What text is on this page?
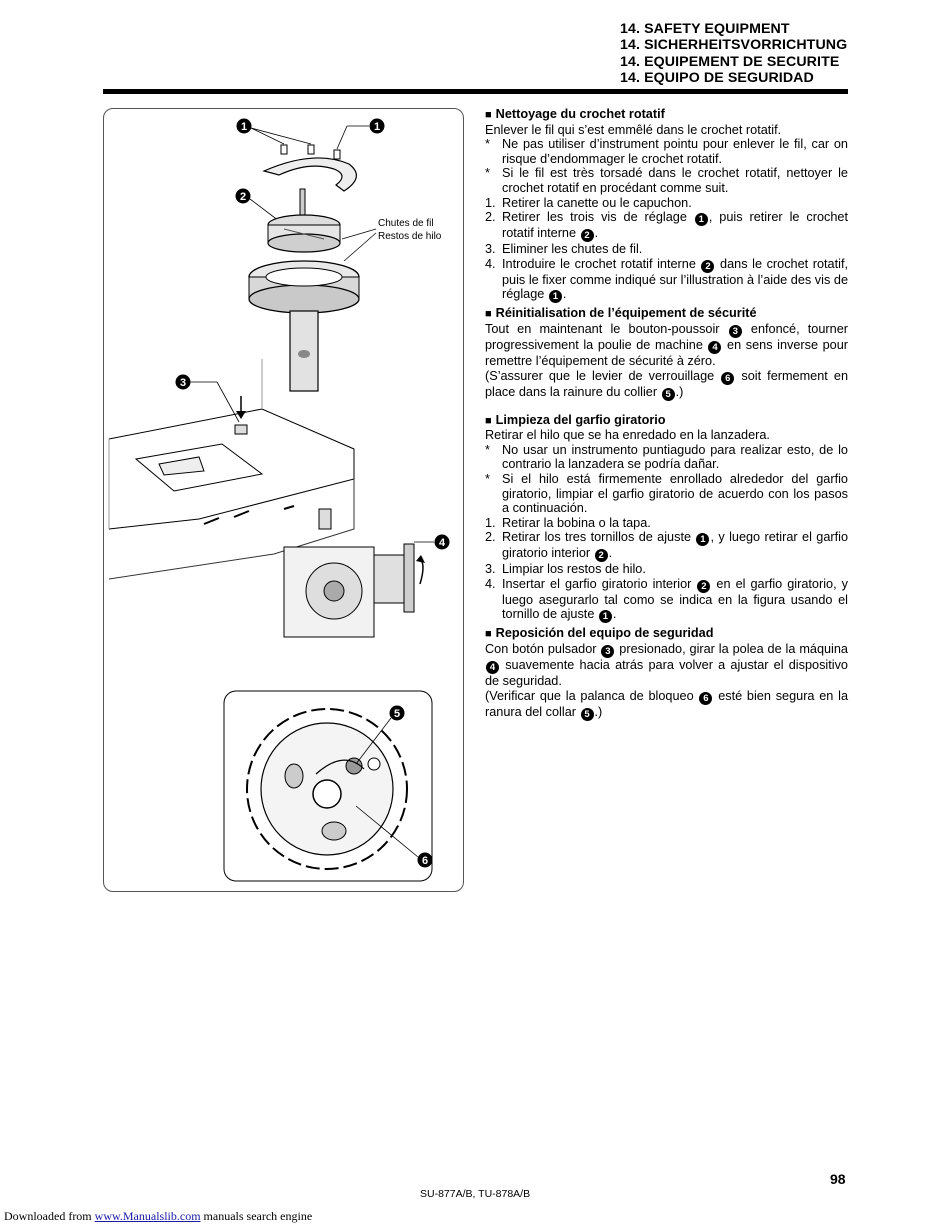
14. SAFETY EQUIPMENT
14. SICHERHEITSVORRICHTUNG
14. EQUIPEMENT DE SECURITE
14. EQUIPO DE SEGURIDAD
1	1
2
Chutes de fil
Restos de hilo
3
4
5
6
■ Nettoyage du crochet rotatif
Enlever le fil qui s’est emmêlé dans le crochet rotatif.
* Ne pas utiliser d’instrument pointu pour enlever le fil, car on risque d’endommager le crochet rotatif.
* Si le fil est très torsadé dans le crochet rotatif, nettoyer le crochet rotatif en procédant comme suit.
1. Retirer la canette ou le capuchon.
2. Retirer les trois vis de réglage 1 , puis retirer le crochet rotatif interne 2 .
3. Eliminer les chutes de fil.
4. Introduire le crochet rotatif interne 2 dans le crochet rotatif, puis le fixer comme indiqué sur l’illustration à l’aide des vis de réglage 1 .
■ Réinitialisation de l’équipement de sécurité
Tout en maintenant le bouton-poussoir 3 enfoncé, tourner progressivement la poulie de machine 4 en sens inverse pour remettre l’équipement de sécurité à zéro.
(S’assurer que le levier de verrouillage 6 soit fermement en place dans la rainure du collier 5 .)
■ Limpieza del garfio giratorio
Retirar el hilo que se ha enredado en la lanzadera.
* No usar un instrumento puntiagudo para realizar esto, de lo contrario la lanzadera se podría dañar.
* Si el hilo está firmemente enrollado alrededor del garfio giratorio, limpiar el garfio giratorio de acuerdo con los pasos a continuación.
1. Retirar la bobina o la tapa.
2. Retirar los tres tornillos de ajuste 1 , y luego retirar el garfio giratorio interior 2 .
3. Limpiar los restos de hilo.
4. Insertar el garfio giratorio interior 2 en el garfio giratorio, y luego asegurarlo tal como se indica en la figura usando el tornillo de ajuste 1 .
■ Reposición del equipo de seguridad
Con botón pulsador 3 presionado, girar la polea de la máquina 4 suavemente hacia atrás para volver a ajustar el dispositivo de seguridad.
(Verificar que la palanca de bloqueo 6 esté bien segura en la ranura del collar 5 .)
98
SU-877A/B, TU-878A/B
Downloaded from www.Manualslib.com manuals search engine
